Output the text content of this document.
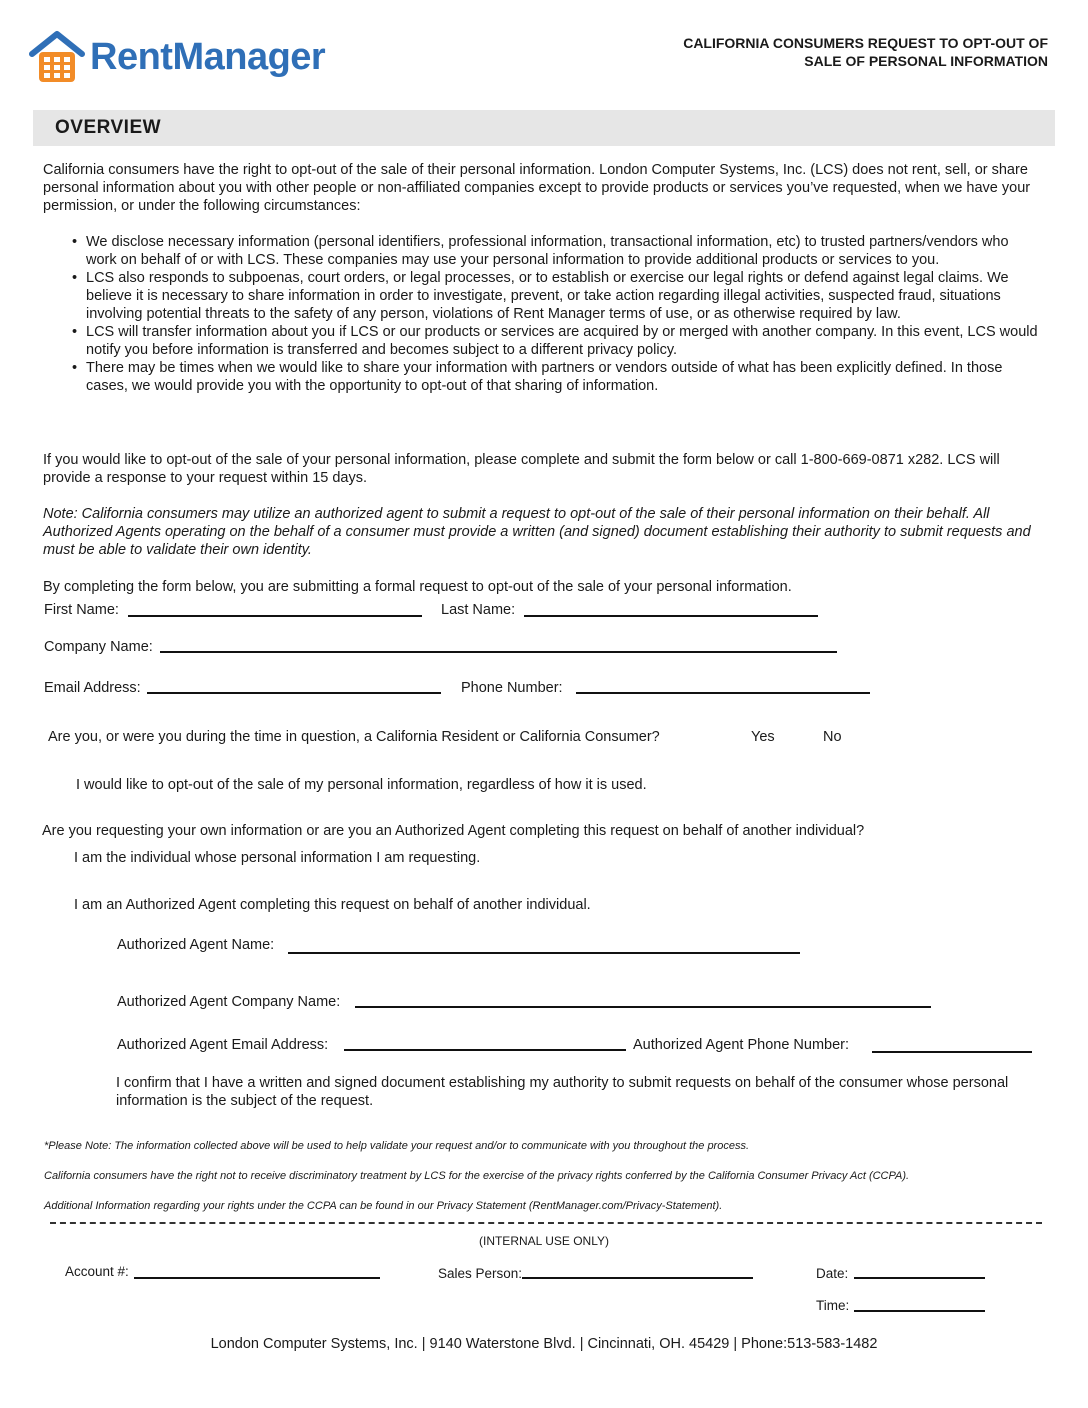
RentManager	CALIFORNIA CONSUMERS REQUEST TO OPT-OUT OF
SALE OF PERSONAL INFORMATION
OVERVIEW
California consumers have the right to opt-out of the sale of their personal information. London Computer Systems, Inc. (LCS) does not rent, sell, or share personal information about you with other people or non-affiliated companies except to provide products or services you’ve requested, when we have your permission, or under the following circumstances:
• We disclose necessary information (personal identifiers, professional information, transactional information, etc) to trusted partners/vendors who work on behalf of or with LCS. These companies may use your personal information to provide additional products or services to you.
• LCS also responds to subpoenas, court orders, or legal processes, or to establish or exercise our legal rights or defend against legal claims. We believe it is necessary to share information in order to investigate, prevent, or take action regarding illegal activities, suspected fraud, situations involving potential threats to the safety of any person, violations of Rent Manager terms of use, or as otherwise required by law.
• LCS will transfer information about you if LCS or our products or services are acquired by or merged with another company. In this event, LCS would notify you before information is transferred and becomes subject to a different privacy policy.
• There may be times when we would like to share your information with partners or vendors outside of what has been explicitly defined. In those cases, we would provide you with the opportunity to opt-out of that sharing of information.
If you would like to opt-out of the sale of your personal information, please complete and submit the form below or call 1-800-669-0871 x282. LCS will provide a response to your request within 15 days.
Note: California consumers may utilize an authorized agent to submit a request to opt-out of the sale of their personal information on their behalf. All Authorized Agents operating on the behalf of a consumer must provide a written (and signed) document establishing their authority to submit requests and must be able to validate their own identity.
By completing the form below, you are submitting a formal request to opt-out of the sale of your personal information.
First Name:	Last Name:
Company Name:
Email Address:	Phone Number:
Are you, or were you during the time in question, a California Resident or California Consumer?	Yes	No
I would like to opt-out of the sale of my personal information, regardless of how it is used.
Are you requesting your own information or are you an Authorized Agent completing this request on behalf of another individual?
I am the individual whose personal information I am requesting.
I am an Authorized Agent completing this request on behalf of another individual.
Authorized Agent Name:
Authorized Agent Company Name:
Authorized Agent Email Address:	Authorized Agent Phone Number:
I confirm that I have a written and signed document establishing my authority to submit requests on behalf of the consumer whose personal information is the subject of the request.
*Please Note: The information collected above will be used to help validate your request and/or to communicate with you throughout the process.
California consumers have the right not to receive discriminatory treatment by LCS for the exercise of the privacy rights conferred by the California Consumer Privacy Act (CCPA).
Additional Information regarding your rights under the CCPA can be found in our Privacy Statement (RentManager.com/Privacy-Statement).
(INTERNAL USE ONLY)
Account #:	Sales Person:	Date:
Time:
London Computer Systems, Inc. | 9140 Waterstone Blvd. | Cincinnati, OH. 45429 | Phone:513-583-1482
